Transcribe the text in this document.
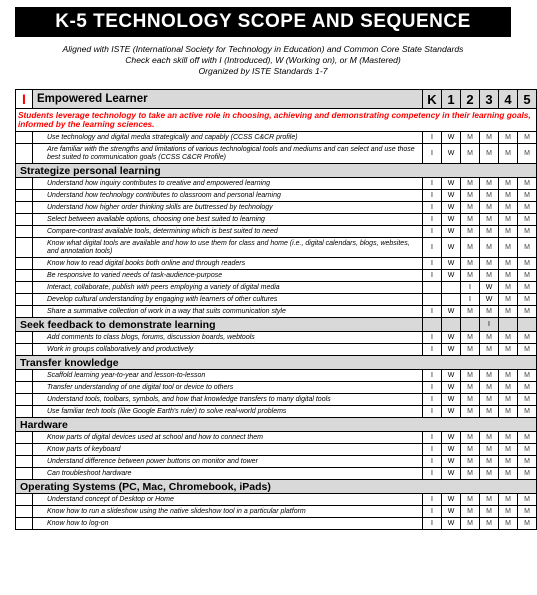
K-5 TECHNOLOGY SCOPE AND SEQUENCE
Aligned with ISTE (International Society for Technology in Education) and Common Core State Standards
Check each skill off with I (Introduced), W (Working on), or M (Mastered)
Organized by ISTE Standards 1-7
I	Empowered Learner	K	1	2	3	4	5
Students leverage technology to take an active role in choosing, achieving and demonstrating competency in their learning goals, informed by the learning sciences.							
	Use technology and digital media strategically and capably (CCSS C&CR profile)	I	W	M	M	M	M
	Are familiar with the strengths and limitations of various technological tools and mediums and can select and use those best suited to communication goals (CCSS C&CR Profile)	I	W	M	M	M	M
Strategize personal learning							
	Understand how inquiry contributes to creative and empowered learning	I	W	M	M	M	M
	Understand how technology contributes to classroom and personal learning	I	W	M	M	M	M
	Understand how higher order thinking skills are buttressed by technology	I	W	M	M	M	M
	Select between available options, choosing one best suited to learning	I	W	M	M	M	M
	Compare-contrast available tools, determining which is best suited to need	I	W	M	M	M	M
	Know what digital tools are available and how to use them for class and home (i.e., digital calendars, blogs, websites, and annotation tools)	I	W	M	M	M	M
	Know how to read digital books both online and through readers	I	W	M	M	M	M
	Be responsive to varied needs of task-audience-purpose	I	W	M	M	M	M
	Interact, collaborate, publish with peers employing a variety of digital media			I	W	M	M
	Develop cultural understanding by engaging with learners of other cultures			I	W	M	M
	Share a summative collection of work in a way that suits communication style	I	W	M	M	M	M
Seek feedback to demonstrate learning					I		
	Add comments to class blogs, forums, discussion boards, webtools	I	W	M	M	M	M
	Work in groups collaboratively and productively	I	W	M	M	M	M
Transfer knowledge							
	Scaffold learning year-to-year and lesson-to-lesson	I	W	M	M	M	M
	Transfer understanding of one digital tool or device to others	I	W	M	M	M	M
	Understand tools, toolbars, symbols, and how that knowledge transfers to many digital tools	I	W	M	M	M	M
	Use familiar tech tools (like Google Earth's ruler) to solve real-world problems	I	W	M	M	M	M
Hardware							
	Know parts of digital devices used at school and how to connect them	I	W	M	M	M	M
	Know parts of keyboard	I	W	M	M	M	M
	Understand difference between power buttons on monitor and tower	I	W	M	M	M	M
	Can troubleshoot hardware	I	W	M	M	M	M
Operating Systems (PC, Mac, Chromebook, iPads)							
	Understand concept of Desktop or Home	I	W	M	M	M	M
	Know how to run a slideshow using the native slideshow tool in a particular platform	I	W	M	M	M	M
	Know how to log-on	I	W	M	M	M	M
